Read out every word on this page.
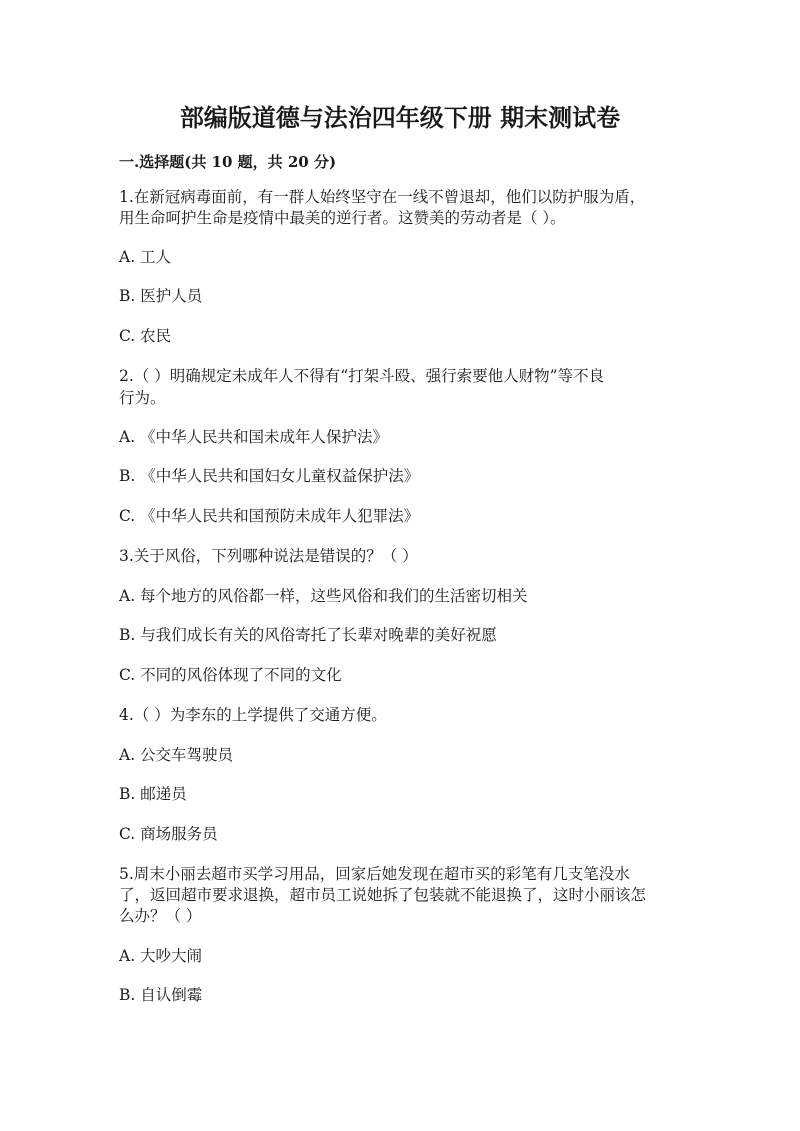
部编版道德与法治四年级下册 期末测试卷
一.选择题(共 10 题，共 20 分)
1.在新冠病毒面前，有一群人始终坚守在一线不曾退却，他们以防护服为盾，
用生命呵护生命是疫情中最美的逆行者。这赞美的劳动者是（ ）。
A. 工人
B. 医护人员
C. 农民
2.（ ）明确规定未成年人不得有“打架斗殴、强行索要他人财物”等不良
行为。
A. 《中华人民共和国未成年人保护法》
B. 《中华人民共和国妇女儿童权益保护法》
C. 《中华人民共和国预防未成年人犯罪法》
3.关于风俗，下列哪种说法是错误的？（ ）
A. 每个地方的风俗都一样，这些风俗和我们的生活密切相关
B. 与我们成长有关的风俗寄托了长辈对晚辈的美好祝愿
C. 不同的风俗体现了不同的文化
4.（ ）为李东的上学提供了交通方便。
A. 公交车驾驶员
B. 邮递员
C. 商场服务员
5.周末小丽去超市买学习用品，回家后她发现在超市买的彩笔有几支笔没水
了，返回超市要求退换，超市员工说她拆了包装就不能退换了，这时小丽该怎
么办？（ ）
A. 大吵大闹
B. 自认倒霉
